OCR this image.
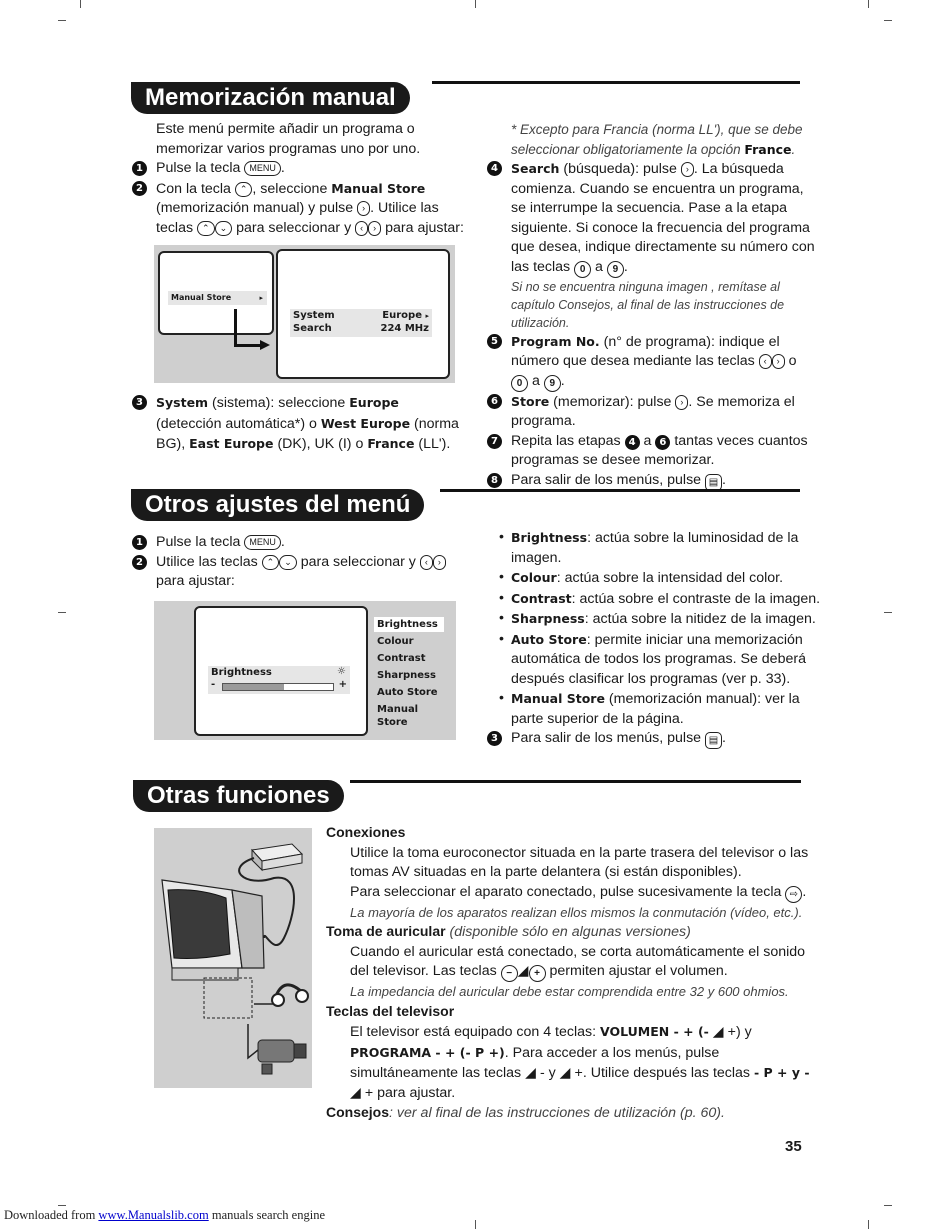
Memorización manual
Este menú permite añadir un programa o memorizar varios programas uno por uno.
1 Pulse la tecla MENU .
2 Con la tecla ⌃ , seleccione Manual Store (memorización manual) y pulse › . Utilice las teclas ⌃ ⌄ para seleccionar y ‹ › para ajustar:
Manual Store	▸
System	Europe ▸
Search	224 MHz
3	System (sistema): seleccione Europe (detección automática*) o West Europe (norma BG), East Europe (DK), UK (I) o France (LL').
* Excepto para Francia (norma LL'), que se debe seleccionar obligatoriamente la opción France.
4	Search (búsqueda): pulse › . La búsqueda comienza. Cuando se encuentra un programa, se interrumpe la secuencia. Pase a la etapa siguiente. Si conoce la frecuencia del programa que desea, indique directamente su número con las teclas 0 a 9 .
Si no se encuentra ninguna imagen , remítase al capítulo Consejos, al final de las instrucciones de utilización.
5	Program No. (n° de programa): indique el número que desea mediante las teclas ‹ › o 0 a 9 .
6	Store (memorizar): pulse › . Se memoriza el programa.
7 Repita las etapas 4 a 6 tantas veces cuantos programas se desee memorizar.
8 Para salir de los menús, pulse ▤ .
Otros ajustes del menú
1 Pulse la tecla MENU .
2 Utilice las teclas ⌃ ⌄ para seleccionar y ‹ › para ajustar:
Brightness	☼
-	+
Brightness
Colour
Contrast
Sharpness
Auto Store
Manual Store
• Brightness: actúa sobre la luminosidad de la imagen.
• Colour: actúa sobre la intensidad del color.
• Contrast: actúa sobre el contraste de la imagen.
• Sharpness: actúa sobre la nitidez de la imagen.
• Auto Store: permite iniciar una memorización automática de todos los programas. Se deberá después clasificar los programas (ver p. 33).
• Manual Store (memorización manual): ver la parte superior de la página.
3 Para salir de los menús, pulse ▤ .
Otras funciones
Conexiones
Utilice la toma euroconector situada en la parte trasera del televisor o las tomas AV situadas en la parte delantera (si están disponibles).
Para seleccionar el aparato conectado, pulse sucesivamente la tecla ⇨ .
La mayoría de los aparatos realizan ellos mismos la conmutación (vídeo, etc.).
Toma de auricular (disponible sólo en algunas versiones)
Cuando el auricular está conectado, se corta automáticamente el sonido del televisor. Las teclas − ◢ + permiten ajustar el volumen.
La impedancia del auricular debe estar comprendida entre 32 y 600 ohmios.
Teclas del televisor
El televisor está equipado con 4 teclas: VOLUMEN - + (- ◢ +) y PROGRAMA - + (- P +). Para acceder a los menús, pulse simultáneamente las teclas ◢ - y ◢ +. Utilice después las teclas - P + y - ◢ + para ajustar.
Consejos: ver al final de las instrucciones de utilización (p. 60).
35
Downloaded from www.Manualslib.com manuals search engine
